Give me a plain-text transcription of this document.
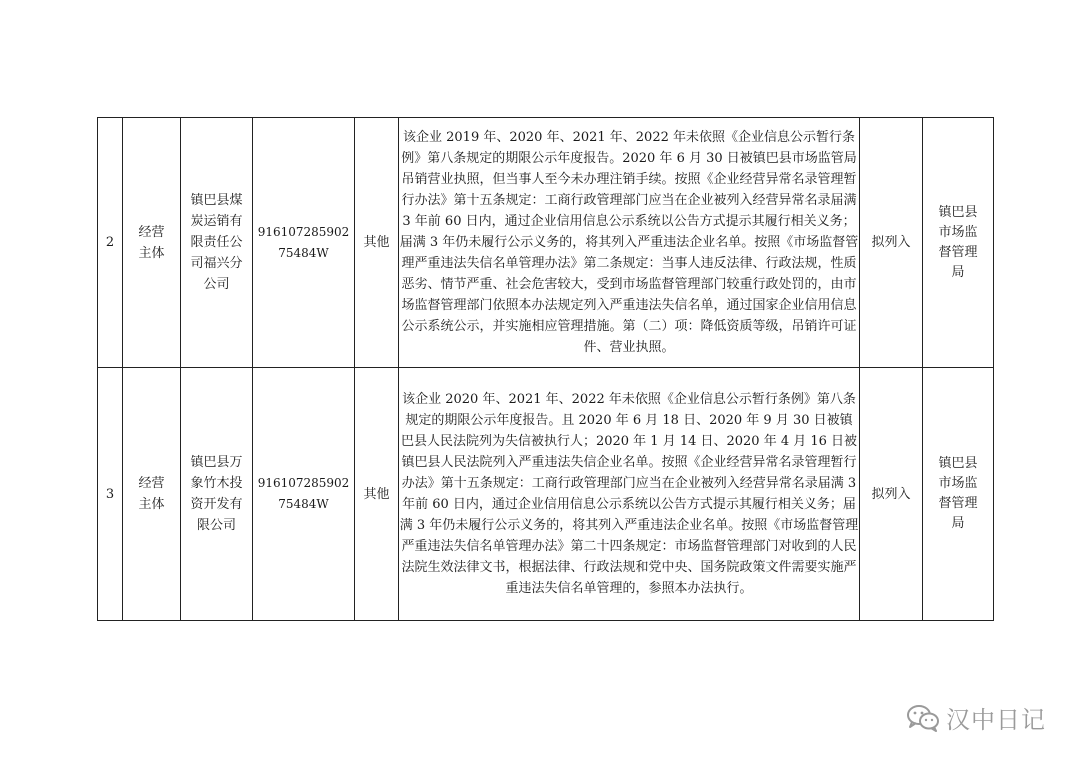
2	经营主体	镇巴县煤炭运销有限责任公司福兴分公司	91610728590275484W	其他	该企业 2019 年、2020 年、2021 年、2022 年未依照《企业信息公示暂行条例》第八条规定的期限公示年度报告。2020 年 6 月 30 日被镇巴县市场监管局吊销营业执照，但当事人至今未办理注销手续。按照《企业经营异常名录管理暂行办法》第十五条规定：工商行政管理部门应当在企业被列入经营异常名录届满 3 年前 60 日内，通过企业信用信息公示系统以公告方式提示其履行相关义务；届满 3 年仍未履行公示义务的，将其列入严重违法企业名单。按照《市场监督管理严重违法失信名单管理办法》第二条规定：当事人违反法律、行政法规，性质恶劣、情节严重、社会危害较大，受到市场监督管理部门较重行政处罚的，由市场监督管理部门依照本办法规定列入严重违法失信名单，通过国家企业信用信息公示系统公示，并实施相应管理措施。第（二）项：降低资质等级，吊销许可证件、营业执照。	拟列入	镇巴县市场监督管理局
3	经营主体	镇巴县万象竹木投资开发有限公司	91610728590275484W	其他	该企业 2020 年、2021 年、2022 年未依照《企业信息公示暂行条例》第八条规定的期限公示年度报告。且 2020 年 6 月 18 日、2020 年 9 月 30 日被镇巴县人民法院列为失信被执行人；2020 年 1 月 14 日、2020 年 4 月 16 日被镇巴县人民法院列入严重违法失信企业名单。按照《企业经营异常名录管理暂行办法》第十五条规定：工商行政管理部门应当在企业被列入经营异常名录届满 3 年前 60 日内，通过企业信用信息公示系统以公告方式提示其履行相关义务；届满 3 年仍未履行公示义务的，将其列入严重违法企业名单。按照《市场监督管理严重违法失信名单管理办法》第二十四条规定：市场监督管理部门对收到的人民法院生效法律文书，根据法律、行政法规和党中央、国务院政策文件需要实施严重违法失信名单管理的，参照本办法执行。	拟列入	镇巴县市场监督管理局
汉中日记
